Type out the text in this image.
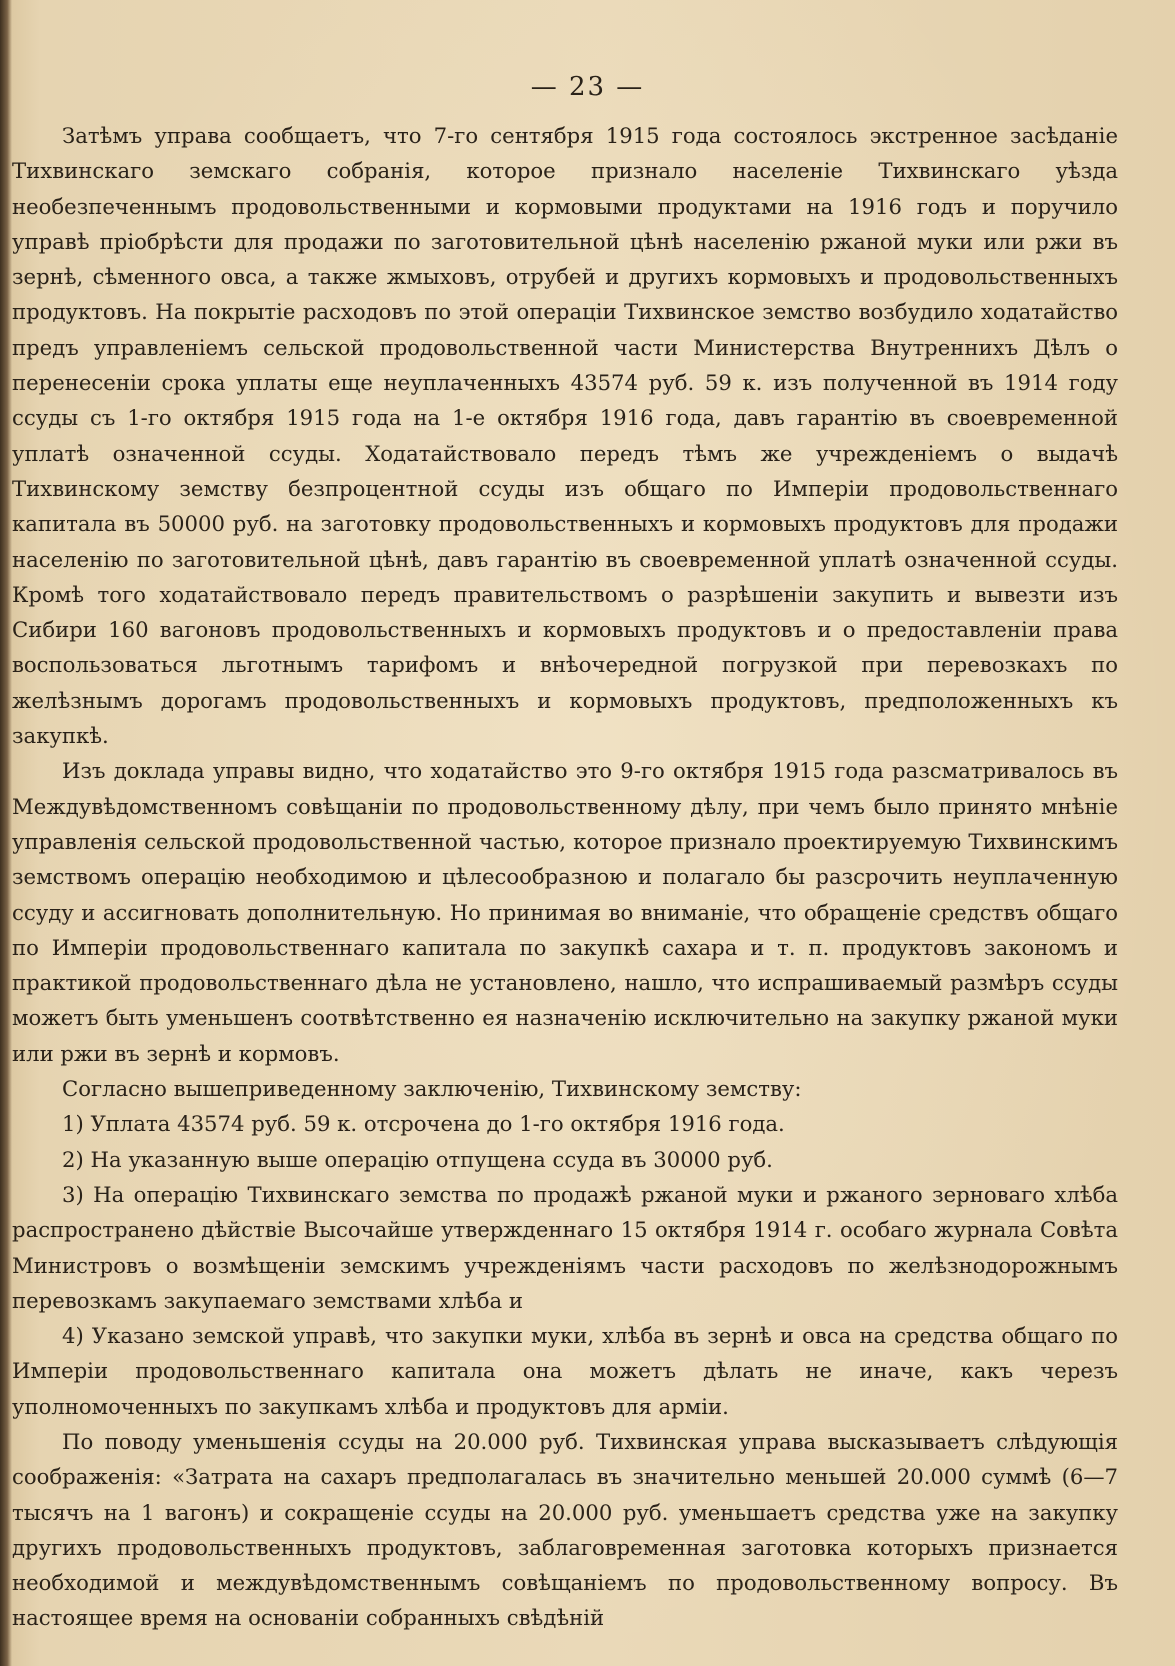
— 23 —

Затѣмъ управа сообщаетъ, что 7-го сентября 1915 года состоялось экстренное засѣданіе Тихвинскаго земскаго собранія, которое признало населеніе Тихвинскаго уѣзда необезпеченнымъ продовольственными и кормовыми продуктами на 1916 годъ и поручило управѣ пріобрѣсти для продажи по заготовительной цѣнѣ населенію ржаной муки или ржи въ зернѣ, сѣменного овса, а также жмыховъ, отрубей и другихъ кормовыхъ и продовольственныхъ продуктовъ. На покрытіе расходовъ по этой операціи Тихвинское земство возбудило ходатайство предъ управленіемъ сельской продовольственной части Министерства Внутреннихъ Дѣлъ о перенесеніи срока уплаты еще неуплаченныхъ 43574 руб. 59 к. изъ полученной въ 1914 году ссуды съ 1-го октября 1915 года на 1-е октября 1916 года, давъ гарантію въ своевременной уплатѣ означенной ссуды. Ходатайствовало передъ тѣмъ же учрежденіемъ о выдачѣ Тихвинскому земству безпроцентной ссуды изъ общаго по Имперіи продовольственнаго капитала въ 50000 руб. на заготовку продовольственныхъ и кормовыхъ продуктовъ для продажи населенію по заготовительной цѣнѣ, давъ гарантію въ своевременной уплатѣ означенной ссуды. Кромѣ того ходатайствовало передъ правительствомъ о разрѣшеніи закупить и вывезти изъ Сибири 160 вагоновъ продовольственныхъ и кормовыхъ продуктовъ и о предоставленіи права воспользоваться льготнымъ тарифомъ и внѣочередной погрузкой при перевозкахъ по желѣзнымъ дорогамъ продовольственныхъ и кормовыхъ продуктовъ, предположенныхъ къ закупкѣ.

Изъ доклада управы видно, что ходатайство это 9-го октября 1915 года разсматривалось въ Междувѣдомственномъ совѣщаніи по продовольственному дѣлу, при чемъ было принято мнѣніе управленія сельской продовольственной частью, которое признало проектируемую Тихвинскимъ земствомъ операцію необходимою и цѣлесообразною и полагало бы разсрочить неуплаченную ссуду и ассигновать дополнительную. Но принимая во вниманіе, что обращеніе средствъ общаго по Имперіи продовольственнаго капитала по закупкѣ сахара и т. п. продуктовъ закономъ и практикой продовольственнаго дѣла не установлено, нашло, что испрашиваемый размѣръ ссуды можетъ быть уменьшенъ соотвѣтственно ея назначенію исключительно на закупку ржаной муки или ржи въ зернѣ и кормовъ.

Согласно вышеприведенному заключенію, Тихвинскому земству:

1) Уплата 43574 руб. 59 к. отсрочена до 1-го октября 1916 года.

2) На указанную выше операцію отпущена ссуда въ 30000 руб.

3) На операцію Тихвинскаго земства по продажѣ ржаной муки и ржаного зерноваго хлѣба распространено дѣйствіе Высочайше утвержденнаго 15 октября 1914 г. особаго журнала Совѣта Министровъ о возмѣщеніи земскимъ учрежденіямъ части расходовъ по желѣзнодорожнымъ перевозкамъ закупаемаго земствами хлѣба и

4) Указано земской управѣ, что закупки муки, хлѣба въ зернѣ и овса на средства общаго по Имперіи продовольственнаго капитала она можетъ дѣлать не иначе, какъ черезъ уполномоченныхъ по закупкамъ хлѣба и продуктовъ для арміи.

По поводу уменьшенія ссуды на 20.000 руб. Тихвинская управа высказываетъ слѣдующія соображенія: «Затрата на сахаръ предполагалась въ значительно меньшей 20.000 суммѣ (6—7 тысячъ на 1 вагонъ) и сокращеніе ссуды на 20.000 руб. уменьшаетъ средства уже на закупку другихъ продовольственныхъ продуктовъ, заблаговременная заготовка которыхъ признается необходимой и междувѣдомственнымъ совѣщаніемъ по продовольственному вопросу. Въ настоящее время на основаніи собранныхъ свѣдѣній
